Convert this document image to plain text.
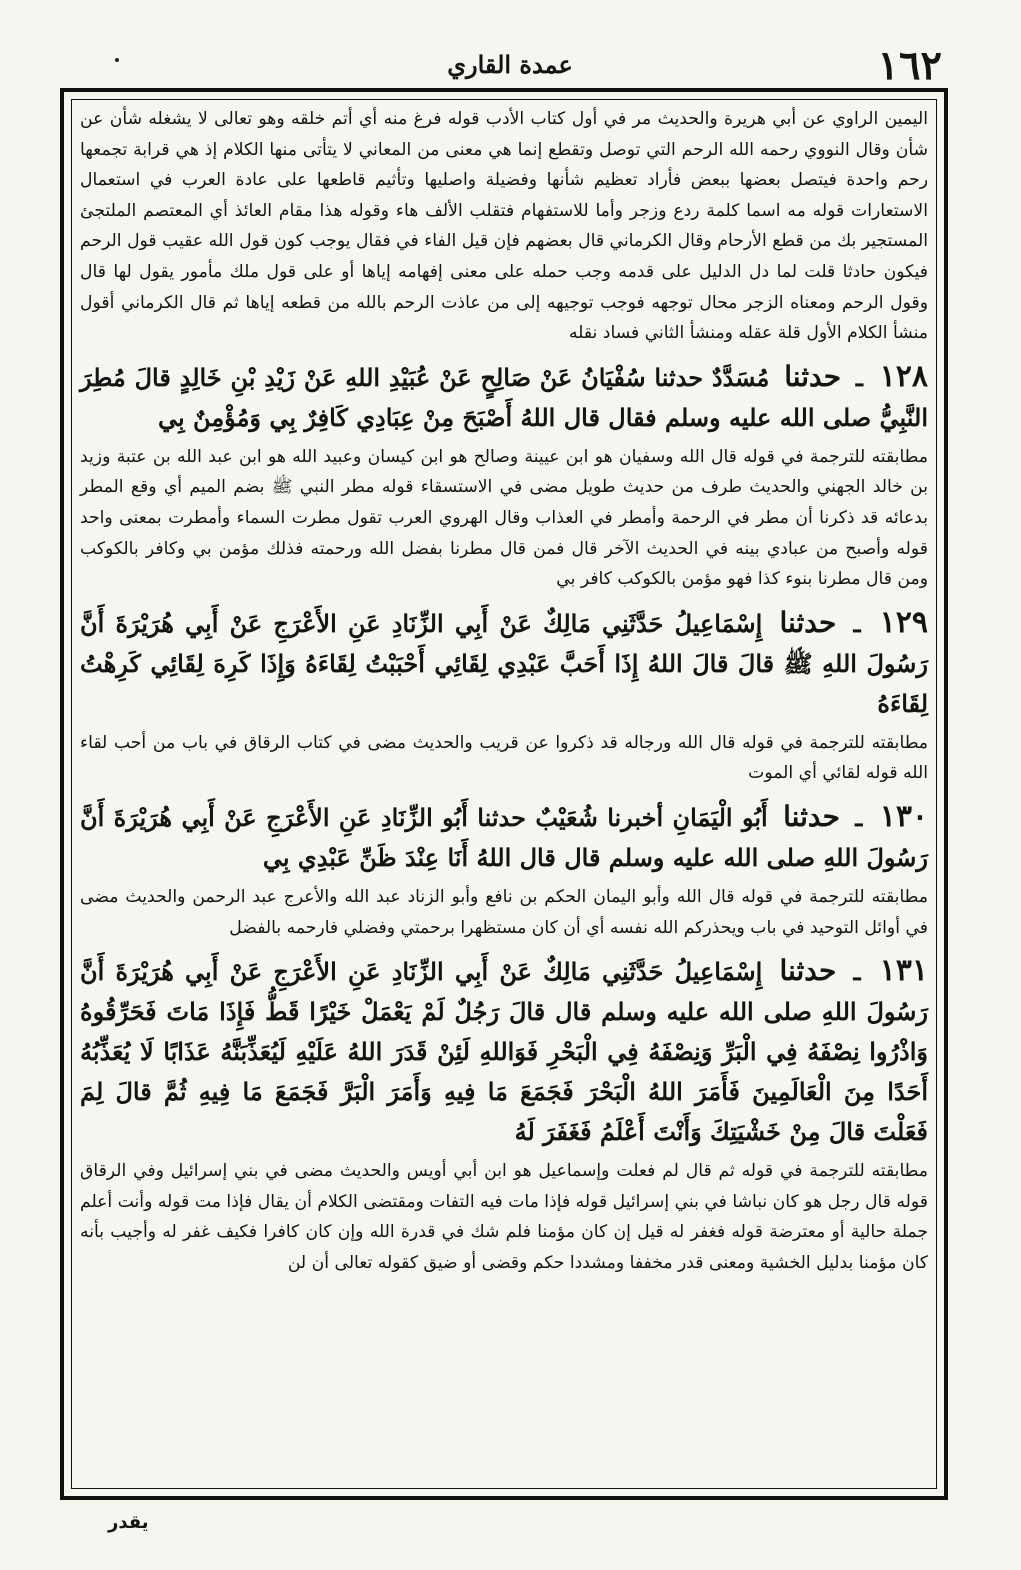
عمدة القاري	١٦٢

اليمين الراوي عن أبي هريرة والحديث مر في أول كتاب الأدب قوله فرغ منه أي أتم خلقه وهو تعالى لا يشغله شأن عن شأن وقال النووي رحمه الله الرحم التي توصل وتقطع إنما هي معنى من المعاني لا يتأتى منها الكلام إذ هي قرابة تجمعها رحم واحدة فيتصل بعضها ببعض فأراد تعظيم شأنها وفضيلة واصليها وتأثيم قاطعها على عادة العرب في استعمال الاستعارات قوله مه اسما كلمة ردع وزجر وأما للاستفهام فتقلب الألف هاء وقوله هذا مقام العائذ أي المعتصم الملتجئ المستجير بك من قطع الأرحام وقال الكرماني قال بعضهم فإن قيل الفاء في فقال يوجب كون قول الله عقيب قول الرحم فيكون حادثا قلت لما دل الدليل على قدمه وجب حمله على معنى إفهامه إياها أو على قول ملك مأمور يقول لها قال وقول الرحم ومعناه الزجر محال توجهه فوجب توجيهه إلى من عاذت الرحم بالله من قطعه إياها ثم قال الكرماني أقول منشأ الكلام الأول قلة عقله ومنشأ الثاني فساد نقله

١٢٨ ـ حدثنا مُسَدَّدٌ حدثنا سُفْيَانُ عَنْ صَالِحٍ عَنْ عُبَيْدِ اللهِ عَنْ زَيْدِ بْنِ خَالِدٍ قالَ مُطِرَ النَّبِيُّ صلى الله عليه وسلم فقال قال اللهُ أَصْبَحَ مِنْ عِبَادِي كَافِرٌ بِي وَمُؤْمِنٌ بِي

مطابقته للترجمة في قوله قال الله وسفيان هو ابن عيينة وصالح هو ابن كيسان وعبيد الله هو ابن عبد الله بن عتبة وزيد بن خالد الجهني والحديث طرف من حديث طويل مضى في الاستسقاء قوله مطر النبي ﷺ بضم الميم أي وقع المطر بدعائه قد ذكرنا أن مطر في الرحمة وأمطر في العذاب وقال الهروي العرب تقول مطرت السماء وأمطرت بمعنى واحد قوله وأصبح من عبادي بينه في الحديث الآخر قال فمن قال مطرنا بفضل الله ورحمته فذلك مؤمن بي وكافر بالكوكب ومن قال مطرنا بنوء كذا فهو مؤمن بالكوكب كافر بي

١٢٩ ـ حدثنا إِسْمَاعِيلُ حَدَّثَنِي مَالِكٌ عَنْ أَبِي الزِّنَادِ عَنِ الأَعْرَجِ عَنْ أَبِي هُرَيْرَةَ أَنَّ رَسُولَ اللهِ ﷺ قالَ قالَ اللهُ إِذَا أَحَبَّ عَبْدِي لِقَائِي أَحْبَبْتُ لِقَاءَهُ وَإِذَا كَرِهَ لِقَائِي كَرِهْتُ لِقَاءَهُ

مطابقته للترجمة في قوله قال الله ورجاله قد ذكروا عن قريب والحديث مضى في كتاب الرقاق في باب من أحب لقاء الله قوله لقائي أي الموت

١٣٠ ـ حدثنا أَبُو الْيَمَانِ أخبرنا شُعَيْبٌ حدثنا أَبُو الزِّنَادِ عَنِ الأَعْرَجِ عَنْ أَبِي هُرَيْرَةَ أَنَّ رَسُولَ اللهِ صلى الله عليه وسلم قال قال اللهُ أَنَا عِنْدَ ظَنِّ عَبْدِي بِي

مطابقته للترجمة في قوله قال الله وأبو اليمان الحكم بن نافع وأبو الزناد عبد الله والأعرج عبد الرحمن والحديث مضى في أوائل التوحيد في باب ويحذركم الله نفسه أي أن كان مستظهرا برحمتي وفضلي فارحمه بالفضل

١٣١ ـ حدثنا إِسْمَاعِيلُ حَدَّثَنِي مَالِكٌ عَنْ أَبِي الزِّنَادِ عَنِ الأَعْرَجِ عَنْ أَبِي هُرَيْرَةَ أَنَّ رَسُولَ اللهِ صلى الله عليه وسلم قال قالَ رَجُلٌ لَمْ يَعْمَلْ خَيْرًا قَطُّ فَإِذَا مَاتَ فَحَرِّقُوهُ وَاذْرُوا نِصْفَهُ فِي الْبَرِّ وَنِصْفَهُ فِي الْبَحْرِ فَوَاللهِ لَئِنْ قَدَرَ اللهُ عَلَيْهِ لَيُعَذِّبَنَّهُ عَذَابًا لَا يُعَذِّبُهُ أَحَدًا مِنَ الْعَالَمِينَ فَأَمَرَ اللهُ الْبَحْرَ فَجَمَعَ مَا فِيهِ وَأَمَرَ الْبَرَّ فَجَمَعَ مَا فِيهِ ثُمَّ قالَ لِمَ فَعَلْتَ قالَ مِنْ خَشْيَتِكَ وَأَنْتَ أَعْلَمُ فَغَفَرَ لَهُ

مطابقته للترجمة في قوله ثم قال لم فعلت وإسماعيل هو ابن أبي أويس والحديث مضى في بني إسرائيل وفي الرقاق قوله قال رجل هو كان نباشا في بني إسرائيل قوله فإذا مات فيه التفات ومقتضى الكلام أن يقال فإذا مت قوله وأنت أعلم جملة حالية أو معترضة قوله فغفر له قيل إن كان مؤمنا فلم شك في قدرة الله وإن كان كافرا فكيف غفر له وأجيب بأنه كان مؤمنا بدليل الخشية ومعنى قدر مخففا ومشددا حكم وقضى أو ضيق كقوله تعالى أن لن

يقدر
